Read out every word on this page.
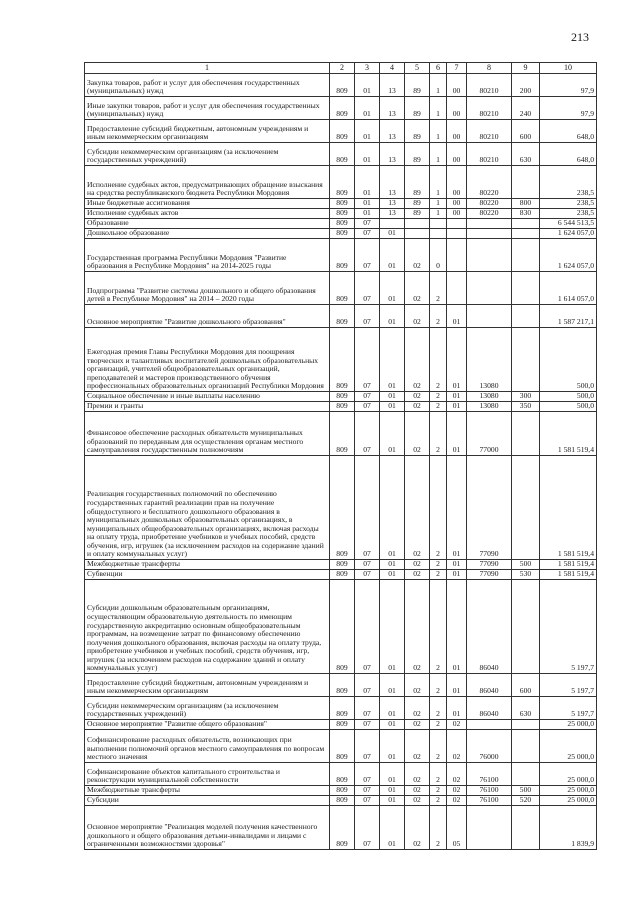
213
1	2	3	4	5	6	7	8	9	10
Закупка товаров, работ и услуг для обеспечения государственных (муниципальных) нужд	809	01	13	89	1	00	80210	200	97,9
Иные закупки товаров, работ и услуг для обеспечения государственных (муниципальных) нужд	809	01	13	89	1	00	80210	240	97,9
Предоставление субсидий бюджетным, автономным учреждениям и иным некоммерческим организациям	809	01	13	89	1	00	80210	600	648,0
Субсидии некоммерческим организациям (за исключением государственных учреждений)	809	01	13	89	1	00	80210	630	648,0
Исполнение судебных актов, предусматривающих обращение взыскания на средства республиканского бюджета Республики Мордовия	809	01	13	89	1	00	80220		238,5
Иные бюджетные ассигнования	809	01	13	89	1	00	80220	800	238,5
Исполнение судебных актов	809	01	13	89	1	00	80220	830	238,5
Образование	809	07							6 544 513,5
Дошкольное образование	809	07	01						1 624 057,0
Государственная программа Республики Мордовия "Развитие образования в Республике Мордовия" на 2014-2025 годы	809	07	01	02	0				1 624 057,0
Подпрограмма "Развитие системы дошкольного и общего образования детей в Республике Мордовия" на 2014 – 2020 годы	809	07	01	02	2				1 614 057,0
Основное мероприятие "Развитие дошкольного образования"	809	07	01	02	2	01			1 587 217,1
Ежегодная премия Главы Республики Мордовия для поощрения творческих и талантливых воспитателей дошкольных образовательных организаций, учителей общеобразовательных организаций, преподавателей и мастеров производственного обучения профессиональных образовательных организаций Республики Мордовия	809	07	01	02	2	01	13080		500,0
Социальное обеспечение и иные выплаты населению	809	07	01	02	2	01	13080	300	500,0
Премии и гранты	809	07	01	02	2	01	13080	350	500,0
Финансовое обеспечение расходных обязательств муниципальных образований по переданным для осуществления органам местного самоуправления государственным полномочиям	809	07	01	02	2	01	77000		1 581 519,4
Реализация государственных полномочий по обеспечению государственных гарантий реализации прав на получение общедоступного и бесплатного дошкольного образования в муниципальных дошкольных образовательных организациях, в муниципальных общеобразовательных организациях, включая расходы на оплату труда, приобретение учебников и учебных пособий, средств обучения, игр, игрушек (за исключением расходов на содержание зданий и оплату коммунальных услуг)	809	07	01	02	2	01	77090		1 581 519,4
Межбюджетные трансферты	809	07	01	02	2	01	77090	500	1 581 519,4
Субвенции	809	07	01	02	2	01	77090	530	1 581 519,4
Субсидии дошкольным образовательным организациям, осуществляющим образовательную деятельность по имеющим государственную аккредитацию основным общеобразовательным программам, на возмещение затрат по финансовому обеспечению получения дошкольного образования, включая расходы на оплату труда, приобретение учебников и учебных пособий, средств обучения, игр, игрушек (за исключением расходов на содержание зданий и оплату коммунальных услуг)	809	07	01	02	2	01	86040		5 197,7
Предоставление субсидий бюджетным, автономным учреждениям и иным некоммерческим организациям	809	07	01	02	2	01	86040	600	5 197,7
Субсидии некоммерческим организациям (за исключением государственных учреждений)	809	07	01	02	2	01	86040	630	5 197,7
Основное мероприятие "Развитие общего образования"	809	07	01	02	2	02			25 000,0
Софинансирование расходных обязательств, возникающих при выполнении полномочий органов местного самоуправления по вопросам местного значения	809	07	01	02	2	02	76000		25 000,0
Софинансирование объектов капитального строительства и реконструкции муниципальной собственности	809	07	01	02	2	02	76100		25 000,0
Межбюджетные трансферты	809	07	01	02	2	02	76100	500	25 000,0
Субсидии	809	07	01	02	2	02	76100	520	25 000,0
Основное мероприятие "Реализация моделей получения качественного дошкольного и общего образования детьми-инвалидами и лицами с ограниченными возможностями здоровья"	809	07	01	02	2	05			1 839,9
